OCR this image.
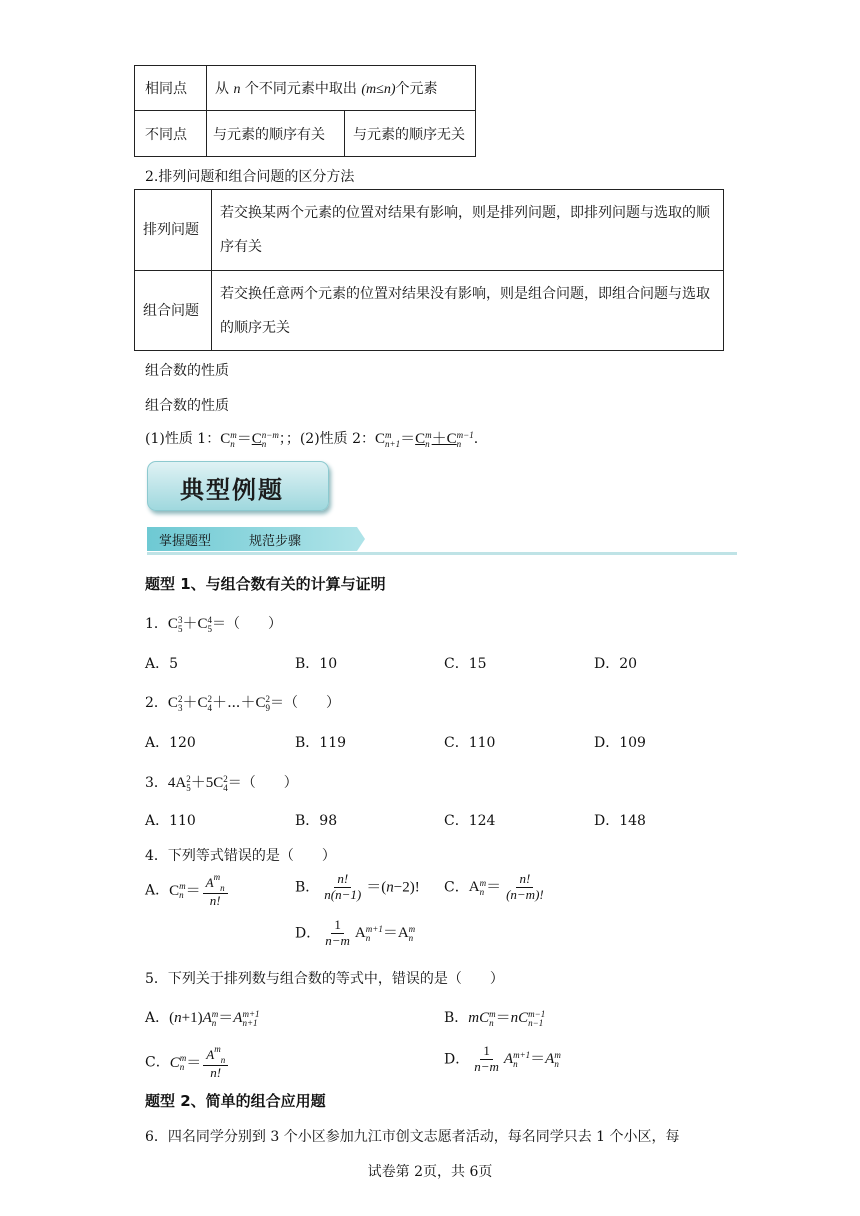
相同点	从 n 个不同元素中取出 (m≤n)个元素	
不同点	与元素的顺序有关	与元素的顺序无关
2.排列问题和组合问题的区分方法
排列问题	若交换某两个元素的位置对结果有影响，则是排列问题，即排列问题与选取的顺序有关
组合问题	若交换任意两个元素的位置对结果没有影响，则是组合问题，即组合问题与选取的顺序无关
组合数的性质
组合数的性质
(1)性质 1：C m
n ＝C n−m
n ；；(2)性质 2：C m
n+1 ＝C m
n ＋C m−1
n .
典型例题
掌握题型	规范步骤
题型 1、与组合数有关的计算与证明
1．C 3
5 ＋C 4
5 ＝（　　）
A．5	B．10	C．15	D．20
2．C 2
3 ＋C 2
4 ＋⋯＋C 2
9 ＝（　　）
A．120	B．119	C．110	D．109
3．4A 2
5 ＋5C 2
4 ＝（　　）
A．110	B．98	C．124	D．148
4．下列等式错误的是（　　）
A．C m
$n = \frac{A^m_n}{n!}$	B． $\frac{n!}{n(n-1)} =(n-2)$! C．A m
$n = \frac{n!}{(n-m)!}$
D． $\frac{1}{n-m}$ A m+1
n ＝A m
n
5．下列关于排列数与组合数的等式中，错误的是（　　）
A．(n+1)A m
n ＝A m+1
n+1	B．mC m
n ＝nC m−1
n−1
C．C m
$n = \frac{A^m_n}{n!}$	D． $\frac{1}{n-m}$ A m+1
n ＝A m
n
题型 2、简单的组合应用题
6．四名同学分别到 3 个小区参加九江市创文志愿者活动，每名同学只去 1 个小区，每
试卷第 2页，共 6页
